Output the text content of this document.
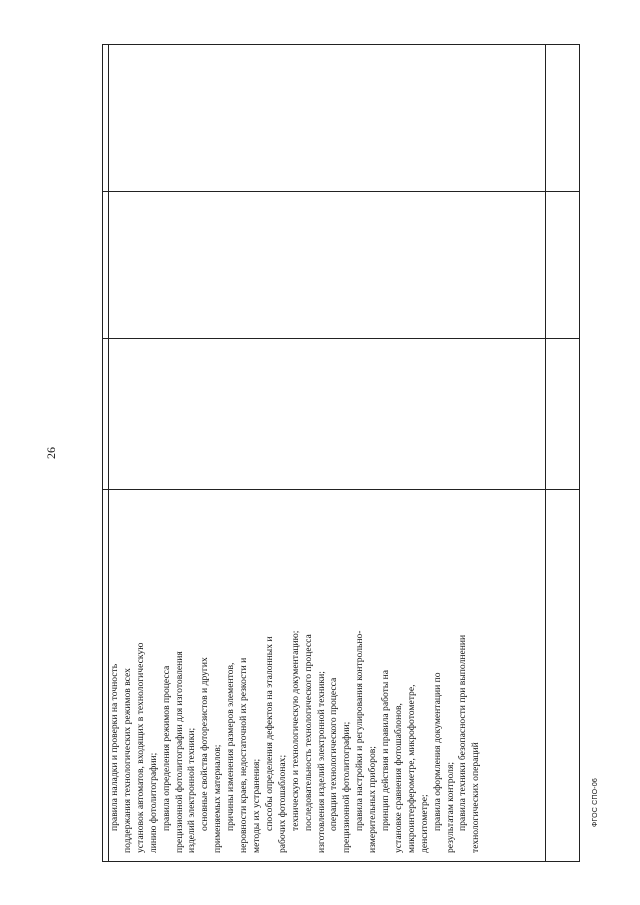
26
правила наладки и проверки на точность поддержания технологических режимов всех установок автоматов, входящих в технологическую линию фотолитографии; правила определения режимов процесса прецизионной фотолитографии для изготовления изделий электронной техники; основные свойства фоторезистов и других применяемых материалов; причины изменения размеров элементов, неровности краев, недостаточной их резкости и методы их устранения; способы определения дефектов на эталонных и рабочих фотошаблонах; техническую и технологическую документацию; последовательность технологического процесса изготовления изделий электронной техники; операции технологического процесса прецизионной фотолитографии; правила настройки и регулирования контрольно- измерительных приборов; принцип действия и правила работы на установке сравнения фотошаблонов, микроинтерферометре, микрофотометре, денситометре; правила оформления документации по результатам контроля; правила техники безопасности при выполнении технологических операций	ФГОС СПО-06
